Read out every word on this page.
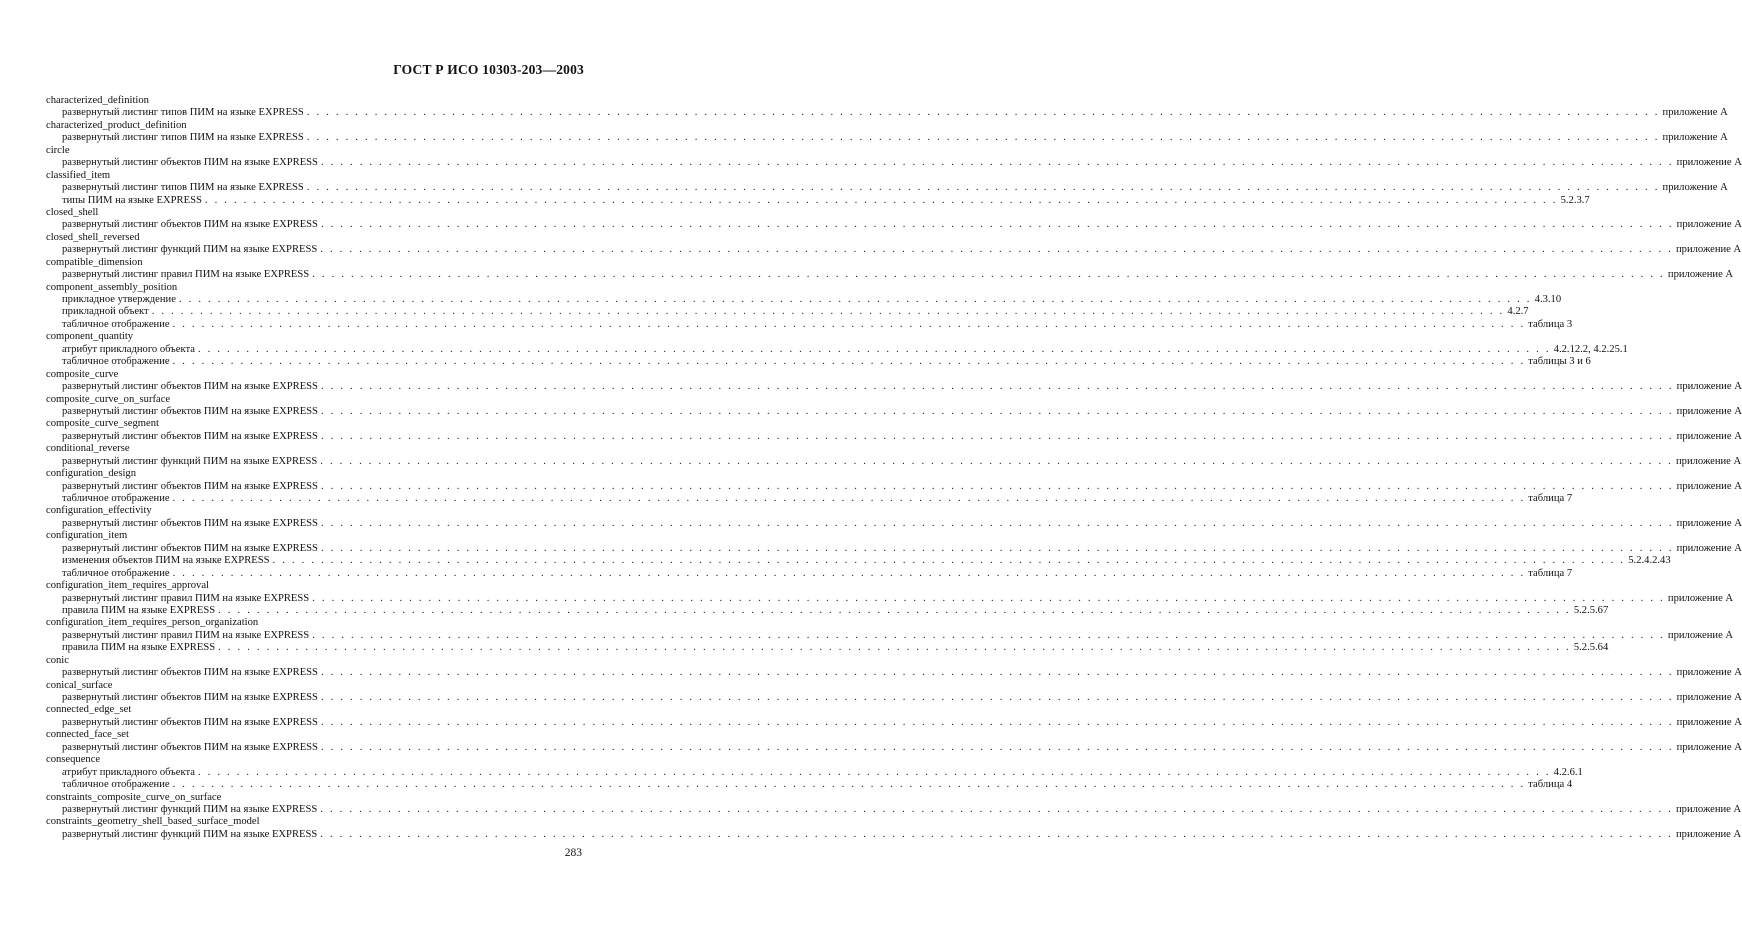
ГОСТ Р ИСО 10303-203—2003
characterized_definition
развернутый листинг типов ПИМ на языке EXPRESS . . . . . . . . . . . . . . . . . . . . . . . . . . . . . . . . . . . . . . . . . . . . . . . . . . . . . . . . . . . . . . . . . . . . . . . . . . . . . . . . . . . . . . . . . . . . . . . . . . . . . . . . . . . . . . . . . . . . . . . . . . . . . . . . . . . . . . . . . . . . приложение А
characterized_product_definition
развернутый листинг типов ПИМ на языке EXPRESS . . . . . . . . . . . . . . . . . . . . . . . . . . . . . . . . . . . . . . . . . . . . . . . . . . . . . . . . . . . . . . . . . . . . . . . . . . . . . . . . . . . . . . . . . . . . . . . . . . . . . . . . . . . . . . . . . . . . . . . . . . . . . . . . . . . . . . . . . . . . приложение А
circle
развернутый листинг объектов ПИМ на языке EXPRESS . . . . . . . . . . . . . . . . . . . . . . . . . . . . . . . . . . . . . . . . . . . . . . . . . . . . . . . . . . . . . . . . . . . . . . . . . . . . . . . . . . . . . . . . . . . . . . . . . . . . . . . . . . . . . . . . . . . . . . . . . . . . . . . . . . . . . . . . . . . . приложение А
classified_item
развернутый листинг типов ПИМ на языке EXPRESS . . . . . . . . . . . . . . . . . . . . . . . . . . . . . . . . . . . . . . . . . . . . . . . . . . . . . . . . . . . . . . . . . . . . . . . . . . . . . . . . . . . . . . . . . . . . . . . . . . . . . . . . . . . . . . . . . . . . . . . . . . . . . . . . . . . . . . . . . . . . приложение А
типы ПИМ на языке EXPRESS . . . . . . . . . . . . . . . . . . . . . . . . . . . . . . . . . . . . . . . . . . . . . . . . . . . . . . . . . . . . . . . . . . . . . . . . . . . . . . . . . . . . . . . . . . . . . . . . . . . . . . . . . . . . . . . . . . . . . . . . . . . . . . . . . . . . . . . . . . . . 5.2.3.7
closed_shell
развернутый листинг объектов ПИМ на языке EXPRESS . . . . . . . . . . . . . . . . . . . . . . . . . . . . . . . . . . . . . . . . . . . . . . . . . . . . . . . . . . . . . . . . . . . . . . . . . . . . . . . . . . . . . . . . . . . . . . . . . . . . . . . . . . . . . . . . . . . . . . . . . . . . . . . . . . . . . . . . . . . . приложение А
closed_shell_reversed
развернутый листинг функций ПИМ на языке EXPRESS . . . . . . . . . . . . . . . . . . . . . . . . . . . . . . . . . . . . . . . . . . . . . . . . . . . . . . . . . . . . . . . . . . . . . . . . . . . . . . . . . . . . . . . . . . . . . . . . . . . . . . . . . . . . . . . . . . . . . . . . . . . . . . . . . . . . . . . . . . . . приложение А
compatible_dimension
развернутый листинг правил ПИМ на языке EXPRESS . . . . . . . . . . . . . . . . . . . . . . . . . . . . . . . . . . . . . . . . . . . . . . . . . . . . . . . . . . . . . . . . . . . . . . . . . . . . . . . . . . . . . . . . . . . . . . . . . . . . . . . . . . . . . . . . . . . . . . . . . . . . . . . . . . . . . . . . . . . . приложение А
component_assembly_position
прикладное утверждение . . . . . . . . . . . . . . . . . . . . . . . . . . . . . . . . . . . . . . . . . . . . . . . . . . . . . . . . . . . . . . . . . . . . . . . . . . . . . . . . . . . . . . . . . . . . . . . . . . . . . . . . . . . . . . . . . . . . . . . . . . . . . . . . . . . . . . . . . . . . 4.3.10
прикладной объект . . . . . . . . . . . . . . . . . . . . . . . . . . . . . . . . . . . . . . . . . . . . . . . . . . . . . . . . . . . . . . . . . . . . . . . . . . . . . . . . . . . . . . . . . . . . . . . . . . . . . . . . . . . . . . . . . . . . . . . . . . . . . . . . . . . . . . . . . . . . 4.2.7
табличное отображение . . . . . . . . . . . . . . . . . . . . . . . . . . . . . . . . . . . . . . . . . . . . . . . . . . . . . . . . . . . . . . . . . . . . . . . . . . . . . . . . . . . . . . . . . . . . . . . . . . . . . . . . . . . . . . . . . . . . . . . . . . . . . . . . . . . . . . . . . . . . таблица 3
component_quantity
атрибут прикладного объекта . . . . . . . . . . . . . . . . . . . . . . . . . . . . . . . . . . . . . . . . . . . . . . . . . . . . . . . . . . . . . . . . . . . . . . . . . . . . . . . . . . . . . . . . . . . . . . . . . . . . . . . . . . . . . . . . . . . . . . . . . . . . . . . . . . . . . . . . . . . . 4.2.12.2, 4.2.25.1
табличное отображение . . . . . . . . . . . . . . . . . . . . . . . . . . . . . . . . . . . . . . . . . . . . . . . . . . . . . . . . . . . . . . . . . . . . . . . . . . . . . . . . . . . . . . . . . . . . . . . . . . . . . . . . . . . . . . . . . . . . . . . . . . . . . . . . . . . . . . . . . . . . таблицы 3 и 6
composite_curve
развернутый листинг объектов ПИМ на языке EXPRESS . . . . . . . . . . . . . . . . . . . . . . . . . . . . . . . . . . . . . . . . . . . . . . . . . . . . . . . . . . . . . . . . . . . . . . . . . . . . . . . . . . . . . . . . . . . . . . . . . . . . . . . . . . . . . . . . . . . . . . . . . . . . . . . . . . . . . . . . . . . . приложение А
composite_curve_on_surface
развернутый листинг объектов ПИМ на языке EXPRESS . . . . . . . . . . . . . . . . . . . . . . . . . . . . . . . . . . . . . . . . . . . . . . . . . . . . . . . . . . . . . . . . . . . . . . . . . . . . . . . . . . . . . . . . . . . . . . . . . . . . . . . . . . . . . . . . . . . . . . . . . . . . . . . . . . . . . . . . . . . . приложение А
composite_curve_segment
развернутый листинг объектов ПИМ на языке EXPRESS . . . . . . . . . . . . . . . . . . . . . . . . . . . . . . . . . . . . . . . . . . . . . . . . . . . . . . . . . . . . . . . . . . . . . . . . . . . . . . . . . . . . . . . . . . . . . . . . . . . . . . . . . . . . . . . . . . . . . . . . . . . . . . . . . . . . . . . . . . . . приложение А
conditional_reverse
развернутый листинг функций ПИМ на языке EXPRESS . . . . . . . . . . . . . . . . . . . . . . . . . . . . . . . . . . . . . . . . . . . . . . . . . . . . . . . . . . . . . . . . . . . . . . . . . . . . . . . . . . . . . . . . . . . . . . . . . . . . . . . . . . . . . . . . . . . . . . . . . . . . . . . . . . . . . . . . . . . . приложение А
configuration_design
развернутый листинг объектов ПИМ на языке EXPRESS . . . . . . . . . . . . . . . . . . . . . . . . . . . . . . . . . . . . . . . . . . . . . . . . . . . . . . . . . . . . . . . . . . . . . . . . . . . . . . . . . . . . . . . . . . . . . . . . . . . . . . . . . . . . . . . . . . . . . . . . . . . . . . . . . . . . . . . . . . . . приложение А
табличное отображение . . . . . . . . . . . . . . . . . . . . . . . . . . . . . . . . . . . . . . . . . . . . . . . . . . . . . . . . . . . . . . . . . . . . . . . . . . . . . . . . . . . . . . . . . . . . . . . . . . . . . . . . . . . . . . . . . . . . . . . . . . . . . . . . . . . . . . . . . . . . таблица 7
configuration_effectivity
развернутый листинг объектов ПИМ на языке EXPRESS . . . . . . . . . . . . . . . . . . . . . . . . . . . . . . . . . . . . . . . . . . . . . . . . . . . . . . . . . . . . . . . . . . . . . . . . . . . . . . . . . . . . . . . . . . . . . . . . . . . . . . . . . . . . . . . . . . . . . . . . . . . . . . . . . . . . . . . . . . . . приложение А
configuration_item
развернутый листинг объектов ПИМ на языке EXPRESS . . . . . . . . . . . . . . . . . . . . . . . . . . . . . . . . . . . . . . . . . . . . . . . . . . . . . . . . . . . . . . . . . . . . . . . . . . . . . . . . . . . . . . . . . . . . . . . . . . . . . . . . . . . . . . . . . . . . . . . . . . . . . . . . . . . . . . . . . . . . приложение А
изменения объектов ПИМ на языке EXPRESS . . . . . . . . . . . . . . . . . . . . . . . . . . . . . . . . . . . . . . . . . . . . . . . . . . . . . . . . . . . . . . . . . . . . . . . . . . . . . . . . . . . . . . . . . . . . . . . . . . . . . . . . . . . . . . . . . . . . . . . . . . . . . . . . . . . . . . . . . . . . 5.2.4.2.43
табличное отображение . . . . . . . . . . . . . . . . . . . . . . . . . . . . . . . . . . . . . . . . . . . . . . . . . . . . . . . . . . . . . . . . . . . . . . . . . . . . . . . . . . . . . . . . . . . . . . . . . . . . . . . . . . . . . . . . . . . . . . . . . . . . . . . . . . . . . . . . . . . . таблица 7
configuration_item_requires_approval
развернутый листинг правил ПИМ на языке EXPRESS . . . . . . . . . . . . . . . . . . . . . . . . . . . . . . . . . . . . . . . . . . . . . . . . . . . . . . . . . . . . . . . . . . . . . . . . . . . . . . . . . . . . . . . . . . . . . . . . . . . . . . . . . . . . . . . . . . . . . . . . . . . . . . . . . . . . . . . . . . . . приложение А
правила ПИМ на языке EXPRESS . . . . . . . . . . . . . . . . . . . . . . . . . . . . . . . . . . . . . . . . . . . . . . . . . . . . . . . . . . . . . . . . . . . . . . . . . . . . . . . . . . . . . . . . . . . . . . . . . . . . . . . . . . . . . . . . . . . . . . . . . . . . . . . . . . . . . . . . . . . . 5.2.5.67
configuration_item_requires_person_organization
развернутый листинг правил ПИМ на языке EXPRESS . . . . . . . . . . . . . . . . . . . . . . . . . . . . . . . . . . . . . . . . . . . . . . . . . . . . . . . . . . . . . . . . . . . . . . . . . . . . . . . . . . . . . . . . . . . . . . . . . . . . . . . . . . . . . . . . . . . . . . . . . . . . . . . . . . . . . . . . . . . . приложение А
правила ПИМ на языке EXPRESS . . . . . . . . . . . . . . . . . . . . . . . . . . . . . . . . . . . . . . . . . . . . . . . . . . . . . . . . . . . . . . . . . . . . . . . . . . . . . . . . . . . . . . . . . . . . . . . . . . . . . . . . . . . . . . . . . . . . . . . . . . . . . . . . . . . . . . . . . . . . 5.2.5.64
conic
развернутый листинг объектов ПИМ на языке EXPRESS . . . . . . . . . . . . . . . . . . . . . . . . . . . . . . . . . . . . . . . . . . . . . . . . . . . . . . . . . . . . . . . . . . . . . . . . . . . . . . . . . . . . . . . . . . . . . . . . . . . . . . . . . . . . . . . . . . . . . . . . . . . . . . . . . . . . . . . . . . . . приложение А
conical_surface
развернутый листинг объектов ПИМ на языке EXPRESS . . . . . . . . . . . . . . . . . . . . . . . . . . . . . . . . . . . . . . . . . . . . . . . . . . . . . . . . . . . . . . . . . . . . . . . . . . . . . . . . . . . . . . . . . . . . . . . . . . . . . . . . . . . . . . . . . . . . . . . . . . . . . . . . . . . . . . . . . . . . приложение А
connected_edge_set
развернутый листинг объектов ПИМ на языке EXPRESS . . . . . . . . . . . . . . . . . . . . . . . . . . . . . . . . . . . . . . . . . . . . . . . . . . . . . . . . . . . . . . . . . . . . . . . . . . . . . . . . . . . . . . . . . . . . . . . . . . . . . . . . . . . . . . . . . . . . . . . . . . . . . . . . . . . . . . . . . . . . приложение А
connected_face_set
развернутый листинг объектов ПИМ на языке EXPRESS . . . . . . . . . . . . . . . . . . . . . . . . . . . . . . . . . . . . . . . . . . . . . . . . . . . . . . . . . . . . . . . . . . . . . . . . . . . . . . . . . . . . . . . . . . . . . . . . . . . . . . . . . . . . . . . . . . . . . . . . . . . . . . . . . . . . . . . . . . . . приложение А
consequence
атрибут прикладного объекта . . . . . . . . . . . . . . . . . . . . . . . . . . . . . . . . . . . . . . . . . . . . . . . . . . . . . . . . . . . . . . . . . . . . . . . . . . . . . . . . . . . . . . . . . . . . . . . . . . . . . . . . . . . . . . . . . . . . . . . . . . . . . . . . . . . . . . . . . . . . 4.2.6.1
табличное отображение . . . . . . . . . . . . . . . . . . . . . . . . . . . . . . . . . . . . . . . . . . . . . . . . . . . . . . . . . . . . . . . . . . . . . . . . . . . . . . . . . . . . . . . . . . . . . . . . . . . . . . . . . . . . . . . . . . . . . . . . . . . . . . . . . . . . . . . . . . . . таблица 4
constraints_composite_curve_on_surface
развернутый листинг функций ПИМ на языке EXPRESS . . . . . . . . . . . . . . . . . . . . . . . . . . . . . . . . . . . . . . . . . . . . . . . . . . . . . . . . . . . . . . . . . . . . . . . . . . . . . . . . . . . . . . . . . . . . . . . . . . . . . . . . . . . . . . . . . . . . . . . . . . . . . . . . . . . . . . . . . . . . приложение А
constraints_geometry_shell_based_surface_model
развернутый листинг функций ПИМ на языке EXPRESS . . . . . . . . . . . . . . . . . . . . . . . . . . . . . . . . . . . . . . . . . . . . . . . . . . . . . . . . . . . . . . . . . . . . . . . . . . . . . . . . . . . . . . . . . . . . . . . . . . . . . . . . . . . . . . . . . . . . . . . . . . . . . . . . . . . . . . . . . . . . приложение А
283
